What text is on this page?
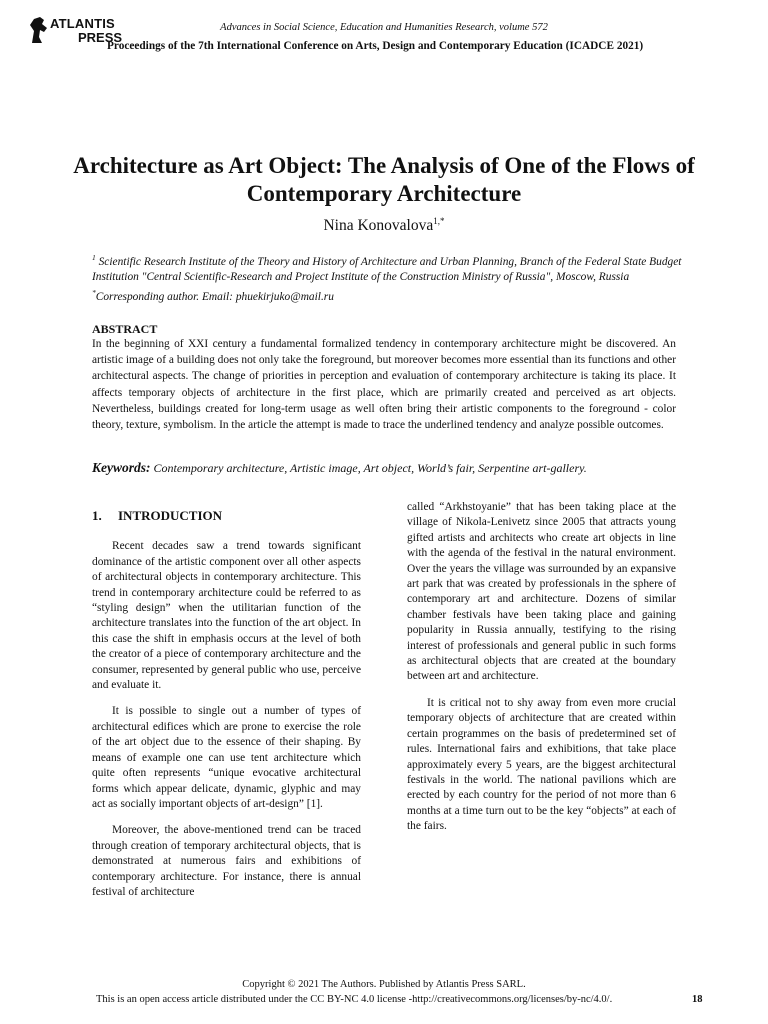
ATLANTIS
PRESS
Advances in Social Science, Education and Humanities Research, volume 572
Proceedings of the 7th International Conference on Arts, Design and Contemporary Education (ICADCE 2021)
Architecture as Art Object: The Analysis of One of the Flows of Contemporary Architecture
Nina Konovalova$^{1,*}$
$^1$ Scientific Research Institute of the Theory and History of Architecture and Urban Planning, Branch of the Federal State Budget Institution "Central Scientific-Research and Project Institute of the Construction Ministry of Russia", Moscow, Russia
*Corresponding author. Email: phuekirjuko@mail.ru
ABSTRACT
In the beginning of XXI century a fundamental formalized tendency in contemporary architecture might be discovered. An artistic image of a building does not only take the foreground, but moreover becomes more essential than its functions and other architectural aspects. The change of priorities in perception and evaluation of contemporary architecture is taking its place. It affects temporary objects of architecture in the first place, which are primarily created and perceived as art objects. Nevertheless, buildings created for long-term usage as well often bring their artistic components to the foreground - color theory, texture, symbolism. In the article the attempt is made to trace the underlined tendency and analyze possible outcomes.
Keywords: Contemporary architecture, Artistic image, Art object, World’s fair, Serpentine art-gallery.
1. INTRODUCTION

Recent decades saw a trend towards significant dominance of the artistic component over all other aspects of architectural objects in contemporary architecture. This trend in contemporary architecture could be referred to as “styling design” when the utilitarian function of the architecture translates into the function of the art object. In this case the shift in emphasis occurs at the level of both the creator of a piece of contemporary architecture and the consumer, represented by general public who use, perceive and evaluate it.

It is possible to single out a number of types of architectural edifices which are prone to exercise the role of the art object due to the essence of their shaping. By means of example one can use tent architecture which quite often represents “unique evocative architectural forms which appear delicate, dynamic, glyphic and may act as socially important objects of art-design” [1].

Moreover, the above-mentioned trend can be traced through creation of temporary architectural objects, that is demonstrated at numerous fairs and exhibitions of contemporary architecture. For instance, there is annual festival of architecture

called “Arkhstoyanie” that has been taking place at the village of Nikola-Lenivetz since 2005 that attracts young gifted artists and architects who create art objects in line with the agenda of the festival in the natural environment. Over the years the village was surrounded by an expansive art park that was created by professionals in the sphere of contemporary art and architecture. Dozens of similar chamber festivals have been taking place and gaining popularity in Russia annually, testifying to the rising interest of professionals and general public in such forms as architectural objects that are created at the boundary between art and architecture.

It is critical not to shy away from even more crucial temporary objects of architecture that are created within certain programmes on the basis of predetermined set of rules. International fairs and exhibitions, that take place approximately every 5 years, are the biggest architectural festivals in the world. The national pavilions which are erected by each country for the period of not more than 6 months at a time turn out to be the key “objects” at each of the fairs.

Copyright © 2021 The Authors. Published by Atlantis Press SARL.
This is an open access article distributed under the CC BY-NC 4.0 license -http://creativecommons.org/licenses/by-nc/4.0/.	18
